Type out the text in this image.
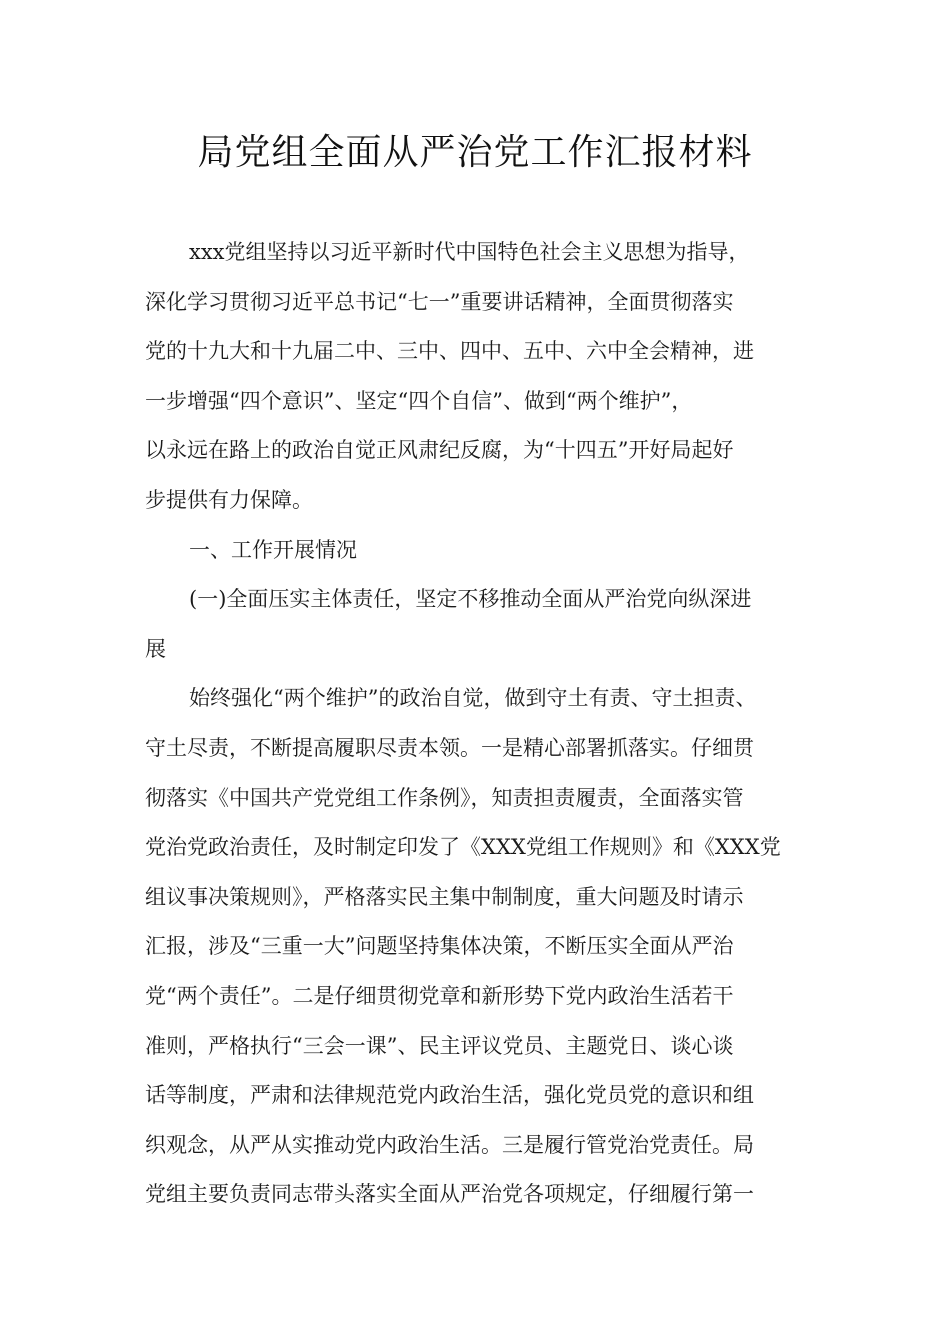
局党组全面从严治党工作汇报材料
xxx党组坚持以习近平新时代中国特色社会主义思想为指导，
深化学习贯彻习近平总书记“七一”重要讲话精神，全面贯彻落实
党的十九大和十九届二中、三中、四中、五中、六中全会精神，进
一步增强“四个意识”、坚定“四个自信”、做到“两个维护”，
以永远在路上的政治自觉正风肃纪反腐，为“十四五”开好局起好
步提供有力保障。
一、工作开展情况
(一)全面压实主体责任，坚定不移推动全面从严治党向纵深进
展
始终强化“两个维护”的政治自觉，做到守土有责、守土担责、
守土尽责，不断提高履职尽责本领。一是精心部署抓落实。仔细贯
彻落实《中国共产党党组工作条例》，知责担责履责，全面落实管
党治党政治责任，及时制定印发了《XXX党组工作规则》和《XXX党
组议事决策规则》，严格落实民主集中制制度，重大问题及时请示
汇报，涉及“三重一大”问题坚持集体决策，不断压实全面从严治
党“两个责任”。二是仔细贯彻党章和新形势下党内政治生活若干
准则，严格执行“三会一课”、民主评议党员、主题党日、谈心谈
话等制度，严肃和法律规范党内政治生活，强化党员党的意识和组
织观念，从严从实推动党内政治生活。三是履行管党治党责任。局
党组主要负责同志带头落实全面从严治党各项规定，仔细履行第一
